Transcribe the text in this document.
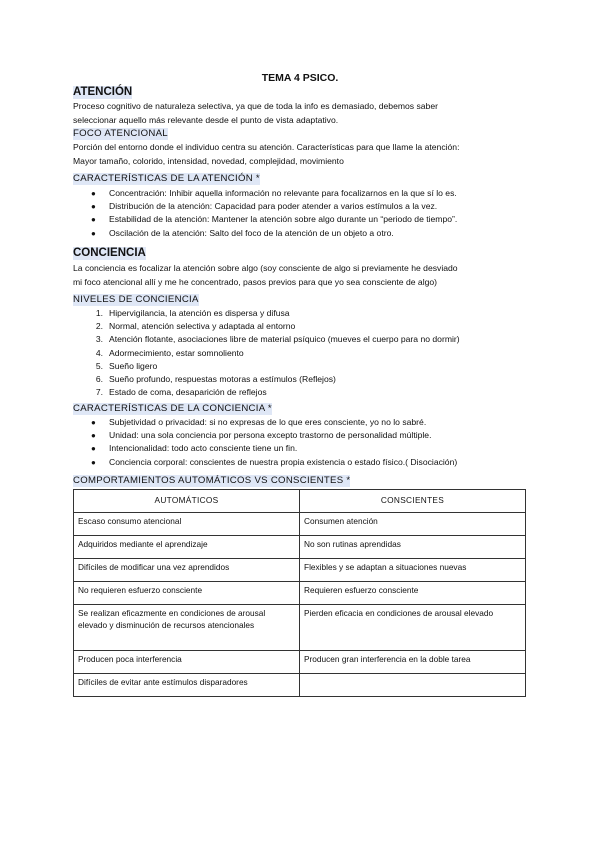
TEMA 4 PSICO.
ATENCIÓN
Proceso cognitivo de naturaleza selectiva, ya que de toda la info es demasiado, debemos saber
seleccionar aquello más relevante desde el punto de vista adaptativo.
FOCO ATENCIONAL
Porción del entorno donde el individuo centra su atención. Características para que llame la atención:
Mayor tamaño, colorido, intensidad, novedad, complejidad, movimiento
CARACTERÍSTICAS DE LA ATENCIÓN *
● Concentración: Inhibir aquella información no relevante para focalizarnos en la que sí lo es.
● Distribución de la atención: Capacidad para poder atender a varios estímulos a la vez.
● Estabilidad de la atención: Mantener la atención sobre algo durante un “periodo de tiempo”.
● Oscilación de la atención: Salto del foco de la atención de un objeto a otro.
CONCIENCIA
La conciencia es focalizar la atención sobre algo (soy consciente de algo si previamente he desviado
mi foco atencional allí y me he concentrado, pasos previos para que yo sea consciente de algo)
NIVELES DE CONCIENCIA
1. Hipervigilancia, la atención es dispersa y difusa
2. Normal, atención selectiva y adaptada al entorno
3. Atención flotante, asociaciones libre de material psíquico (mueves el cuerpo para no dormir)
4. Adormecimiento, estar somnoliento
5. Sueño ligero
6. Sueño profundo, respuestas motoras a estímulos (Reflejos)
7. Estado de coma, desaparición de reflejos
CARACTERÍSTICAS DE LA CONCIENCIA *
● Subjetividad o privacidad: si no expresas de lo que eres consciente, yo no lo sabré.
● Unidad: una sola conciencia por persona excepto trastorno de personalidad múltiple.
● Intencionalidad: todo acto consciente tiene un fin.
● Conciencia corporal: conscientes de nuestra propia existencia o estado físico.( Disociación)
COMPORTAMIENTOS AUTOMÁTICOS VS CONSCIENTES *
AUTOMÁTICOS	CONSCIENTES
Escaso consumo atencional	Consumen atención
Adquiridos mediante el aprendizaje	No son rutinas aprendidas
Difíciles de modificar una vez aprendidos	Flexibles y se adaptan a situaciones nuevas
No requieren esfuerzo consciente	Requieren esfuerzo consciente
Se realizan eficazmente en condiciones de arousal elevado y disminución de recursos atencionales	Pierden eficacia en condiciones de arousal elevado
Producen poca interferencia	Producen gran interferencia en la doble tarea
Difíciles de evitar ante estímulos disparadores	
